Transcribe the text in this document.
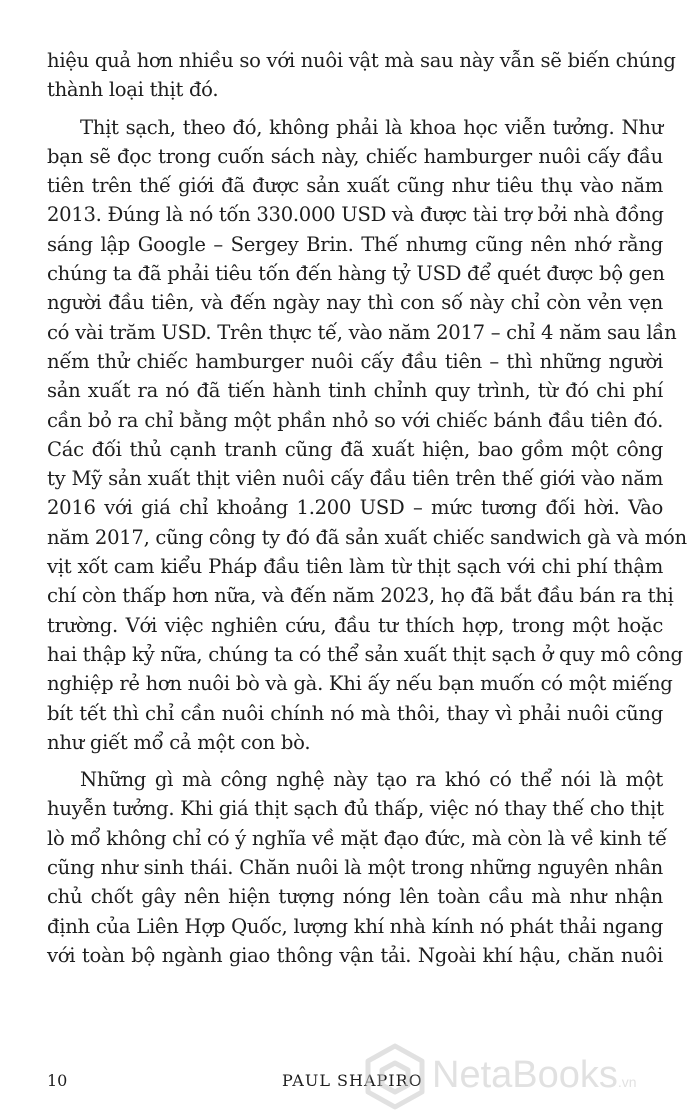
hiệu quả hơn nhiều so với nuôi vật mà sau này vẫn sẽ biến chúng
thành loại thịt đó.
Thịt sạch, theo đó, không phải là khoa học viễn tưởng. Như
bạn sẽ đọc trong cuốn sách này, chiếc hamburger nuôi cấy đầu
tiên trên thế giới đã được sản xuất cũng như tiêu thụ vào năm
2013. Đúng là nó tốn 330.000 USD và được tài trợ bởi nhà đồng
sáng lập Google – Sergey Brin. Thế nhưng cũng nên nhớ rằng
chúng ta đã phải tiêu tốn đến hàng tỷ USD để quét được bộ gen
người đầu tiên, và đến ngày nay thì con số này chỉ còn vẻn vẹn
có vài trăm USD. Trên thực tế, vào năm 2017 – chỉ 4 năm sau lần
nếm thử chiếc hamburger nuôi cấy đầu tiên – thì những người
sản xuất ra nó đã tiến hành tinh chỉnh quy trình, từ đó chi phí
cần bỏ ra chỉ bằng một phần nhỏ so với chiếc bánh đầu tiên đó.
Các đối thủ cạnh tranh cũng đã xuất hiện, bao gồm một công
ty Mỹ sản xuất thịt viên nuôi cấy đầu tiên trên thế giới vào năm
2016 với giá chỉ khoảng 1.200 USD – mức tương đối hời. Vào
năm 2017, cũng công ty đó đã sản xuất chiếc sandwich gà và món
vịt xốt cam kiểu Pháp đầu tiên làm từ thịt sạch với chi phí thậm
chí còn thấp hơn nữa, và đến năm 2023, họ đã bắt đầu bán ra thị
trường. Với việc nghiên cứu, đầu tư thích hợp, trong một hoặc
hai thập kỷ nữa, chúng ta có thể sản xuất thịt sạch ở quy mô công
nghiệp rẻ hơn nuôi bò và gà. Khi ấy nếu bạn muốn có một miếng
bít tết thì chỉ cần nuôi chính nó mà thôi, thay vì phải nuôi cũng
như giết mổ cả một con bò.
Những gì mà công nghệ này tạo ra khó có thể nói là một
huyễn tưởng. Khi giá thịt sạch đủ thấp, việc nó thay thế cho thịt
lò mổ không chỉ có ý nghĩa về mặt đạo đức, mà còn là về kinh tế
cũng như sinh thái. Chăn nuôi là một trong những nguyên nhân
chủ chốt gây nên hiện tượng nóng lên toàn cầu mà như nhận
định của Liên Hợp Quốc, lượng khí nhà kính nó phát thải ngang
với toàn bộ ngành giao thông vận tải. Ngoài khí hậu, chăn nuôi
10	PAUL SHAPIRO NetaBooks.vn
